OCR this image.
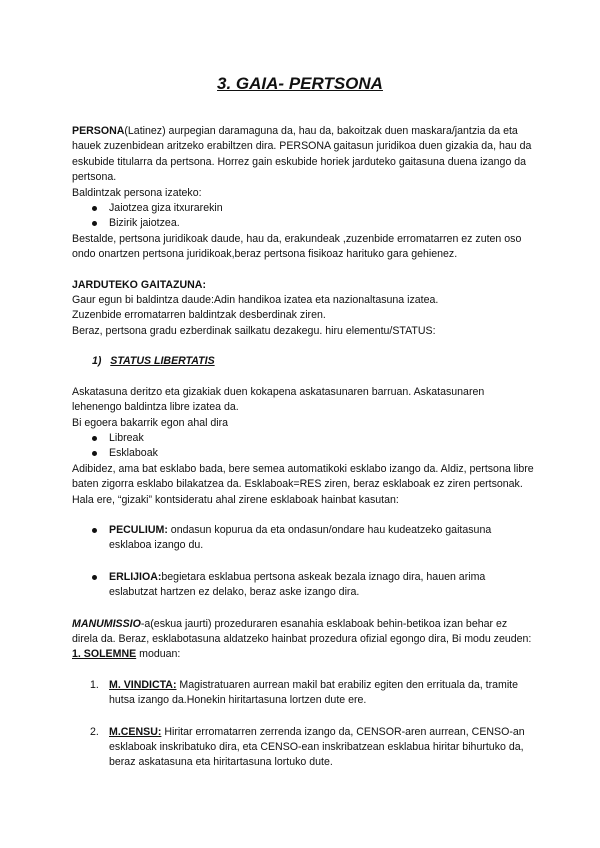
3. GAIA- PERTSONA

PERSONA(Latinez) aurpegian daramaguna da, hau da, bakoitzak duen maskara/jantzia da eta hauek zuzenbidean aritzeko erabiltzen dira. PERSONA gaitasun juridikoa duen gizakia da, hau da eskubide titularra da pertsona. Horrez gain eskubide horiek jarduteko gaitasuna duena izango da pertsona.

Baldintzak persona izateko:

Jaiotzea giza itxurarekin
Bizirik jaiotzea.

Bestalde, pertsona juridikoak daude, hau da, erakundeak ,zuzenbide erromatarren ez zuten oso ondo onartzen pertsona juridikoak,beraz pertsona fisikoaz harituko gara gehienez.

JARDUTEKO GAITAZUNA:

Gaur egun bi baldintza daude:Adin handikoa izatea eta nazionaltasuna izatea.

Zuzenbide erromatarren baldintzak desberdinak ziren.

Beraz, pertsona gradu ezberdinak sailkatu dezakegu. hiru elementu/STATUS:

1) STATUS LIBERTATIS

Askatasuna deritzo eta gizakiak duen kokapena askatasunaren barruan. Askatasunaren lehenengo baldintza libre izatea da.

Bi egoera bakarrik egon ahal dira

Libreak
Esklaboak

Adibidez, ama bat esklabo bada, bere semea automatikoki esklabo izango da. Aldiz, pertsona libre baten zigorra esklabo bilakatzea da. Esklaboak=RES ziren, beraz esklaboak ez ziren pertsonak. Hala ere, “gizaki” kontsideratu ahal zirene esklaboak hainbat kasutan:

PECULIUM: ondasun kopurua da eta ondasun/ondare hau kudeatzeko gaitasuna esklaboa izango du.
ERLIJIOA:begietara esklabua pertsona askeak bezala iznago dira, hauen arima eslabutzat hartzen ez delako, beraz aske izango dira.

MANUMISSIO-a(eskua jaurti) prozeduraren esanahia esklaboak behin-betikoa izan behar ez direla da. Beraz, esklabotasuna aldatzeko hainbat prozedura ofizial egongo dira, Bi modu zeuden:

1. SOLEMNE moduan:

1. M. VINDICTA: Magistratuaren aurrean makil bat erabiliz egiten den errituala da, tramite hutsa izango da.Honekin hiritartasuna lortzen dute ere.
2. M.CENSU: Hiritar erromatarren zerrenda izango da, CENSOR-aren aurrean, CENSO-an esklaboak inskribatuko dira, eta CENSO-ean inskribatzean esklabua hiritar bihurtuko da, beraz askatasuna eta hiritartasuna lortuko dute.
